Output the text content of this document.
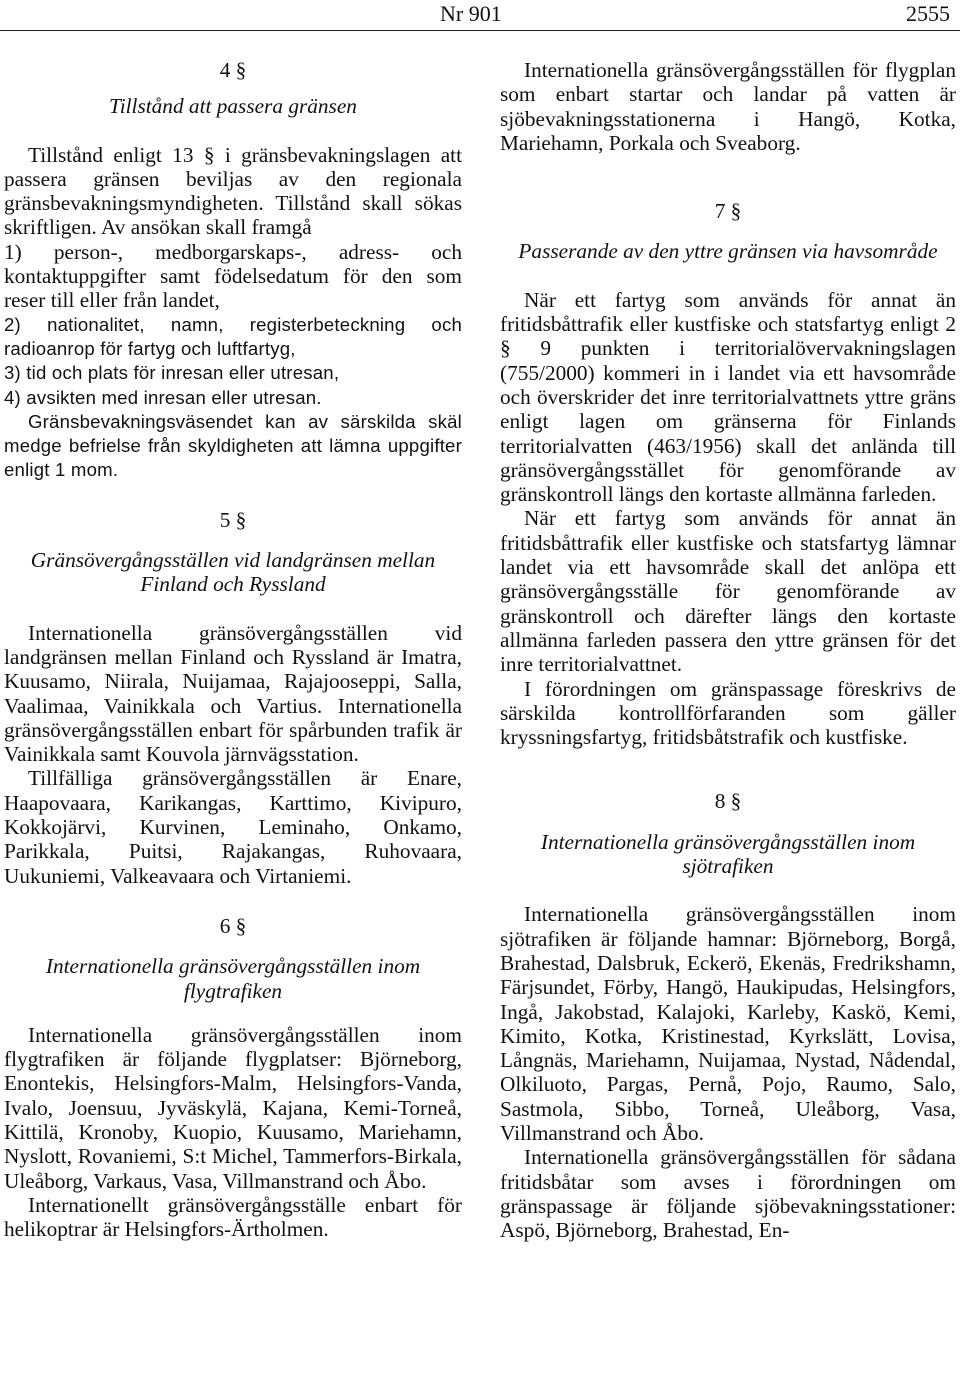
Nr 901	2555

4 §

Tillstånd att passera gränsen

Tillstånd enligt 13 § i gränsbevakningslagen att passera gränsen beviljas av den regionala gränsbevakningsmyndigheten. Tillstånd skall sökas skriftligen. Av ansökan skall framgå

1) person-, medborgarskaps-, adress- och kontaktuppgifter samt födelsedatum för den som reser till eller från landet,

2) nationalitet, namn, registerbeteckning och radioanrop för fartyg och luftfartyg,

3) tid och plats för inresan eller utresan,

4) avsikten med inresan eller utresan.

Gränsbevakningsväsendet kan av särskilda skäl medge befrielse från skyldigheten att lämna uppgifter enligt 1 mom.

5 §

Gränsövergångsställen vid landgränsen mellan Finland och Ryssland

Internationella gränsövergångsställen vid landgränsen mellan Finland och Ryssland är Imatra, Kuusamo, Niirala, Nuijamaa, Rajajooseppi, Salla, Vaalimaa, Vainikkala och Vartius. Internationella gränsövergångsställen enbart för spårbunden trafik är Vainikkala samt Kouvola järnvägsstation.

Tillfälliga gränsövergångsställen är Enare, Haapovaara, Karikangas, Karttimo, Kivipuro, Kokkojärvi, Kurvinen, Leminaho, Onkamo, Parikkala, Puitsi, Rajakangas, Ruhovaara, Uukuniemi, Valkeavaara och Virtaniemi.

6 §

Internationella gränsövergångsställen inom flygtrafiken

Internationella gränsövergångsställen inom flygtrafiken är följande flygplatser: Björneborg, Enontekis, Helsingfors-Malm, Helsingfors-Vanda, Ivalo, Joensuu, Jyväskylä, Kajana, Kemi-Torneå, Kittilä, Kronoby, Kuopio, Kuusamo, Mariehamn, Nyslott, Rovaniemi, S:t Michel, Tammerfors-Birkala, Uleåborg, Varkaus, Vasa, Villmanstrand och Åbo.

Internationellt gränsövergångsställe enbart för helikoptrar är Helsingfors-Ärtholmen.

Internationella gränsövergångsställen för flygplan som enbart startar och landar på vatten är sjöbevakningsstationerna i Hangö, Kotka, Mariehamn, Porkala och Sveaborg.

7 §

Passerande av den yttre gränsen via havsområde

När ett fartyg som används för annat än fritidsbåttrafik eller kustfiske och statsfartyg enligt 2 § 9 punkten i territorialövervakningslagen (755/2000) kommeri in i landet via ett havsområde och överskrider det inre territorialvattnets yttre gräns enligt lagen om gränserna för Finlands territorialvatten (463/1956) skall det anlända till gränsövergångsstället för genomförande av gränskontroll längs den kortaste allmänna farleden.

När ett fartyg som används för annat än fritidsbåttrafik eller kustfiske och statsfartyg lämnar landet via ett havsområde skall det anlöpa ett gränsövergångsställe för genomförande av gränskontroll och därefter längs den kortaste allmänna farleden passera den yttre gränsen för det inre territorialvattnet.

I förordningen om gränspassage föreskrivs de särskilda kontrollförfaranden som gäller kryssningsfartyg, fritidsbåtstrafik och kustfiske.

8 §

Internationella gränsövergångsställen inom sjötrafiken

Internationella gränsövergångsställen inom sjötrafiken är följande hamnar: Björneborg, Borgå, Brahestad, Dalsbruk, Eckerö, Ekenäs, Fredrikshamn, Färjsundet, Förby, Hangö, Haukipudas, Helsingfors, Ingå, Jakobstad, Kalajoki, Karleby, Kaskö, Kemi, Kimito, Kotka, Kristinestad, Kyrkslätt, Lovisa, Långnäs, Mariehamn, Nuijamaa, Nystad, Nådendal, Olkiluoto, Pargas, Pernå, Pojo, Raumo, Salo, Sastmola, Sibbo, Torneå, Uleåborg, Vasa, Villmanstrand och Åbo.

Internationella gränsövergångsställen för sådana fritidsbåtar som avses i förordningen om gränspassage är följande sjöbevakningsstationer: Aspö, Björneborg, Brahestad, En-
